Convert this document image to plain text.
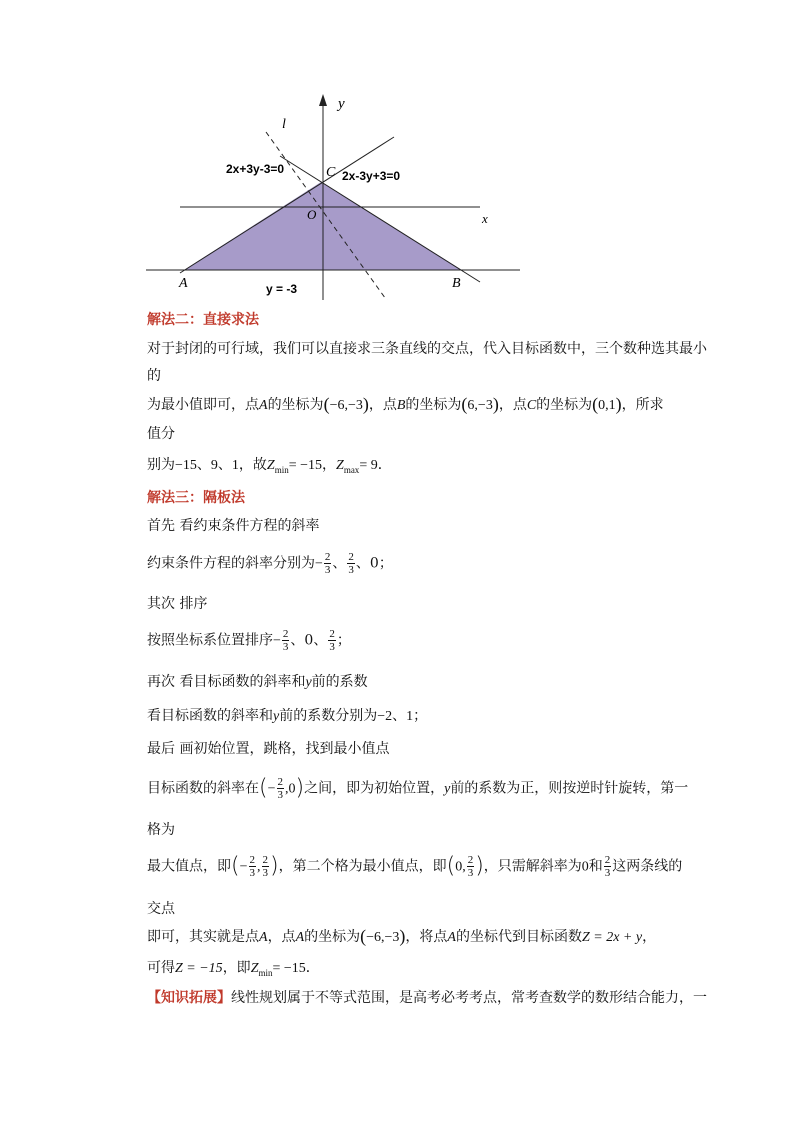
y
x
l
C
O
A	B
2x+3y-3=0	2x-3y+3=0
y = -3
解法二：直接求法
对于封闭的可行域，我们可以直接求三条直线的交点，代入目标函数中，三个数种选其最小
的
为最小值即可，点A的坐标为(−6,−3)，点B的坐标为(6,−3)，点C的坐标为(0,1)，所求
值分
别为−15、9、1，故$Z_{min}= -15$，$Z_{max}= 9$．
解法三：隔板法
首先 看约束条件方程的斜率
约束条件方程的斜率分别为− $\frac{2}{3}$ 、 $\frac{2}{3}$ 、0；
其次 排序
按照坐标系位置排序− $\frac{2}{3}$ 、0、 $\frac{2}{3}$ ；
再次 看目标函数的斜率和y前的系数
看目标函数的斜率和y前的系数分别为−2、1；
最后 画初始位置，跳格，找到最小值点
目标函数的斜率在(− $\frac{2}{3} ,0$)之间，即为初始位置，y前的系数为正，则按逆时针旋转，第一
格为
最大值点，即(− $\frac{2}{3}$ , $\frac{2}{3}$ )，第二个格为最小值点，即(0, $\frac{2}{3}$ )，只需解斜率为0和 $\frac{2}{3}$ 这两条线的
交点
即可，其实就是点A，点A的坐标为(−6,−3)，将点A的坐标代到目标函数Z = 2x + y，
可得Z = −15，即$Z_{min}= -15$．
【知识拓展】线性规划属于不等式范围，是高考必考考点，常考查数学的数形结合能力，一
